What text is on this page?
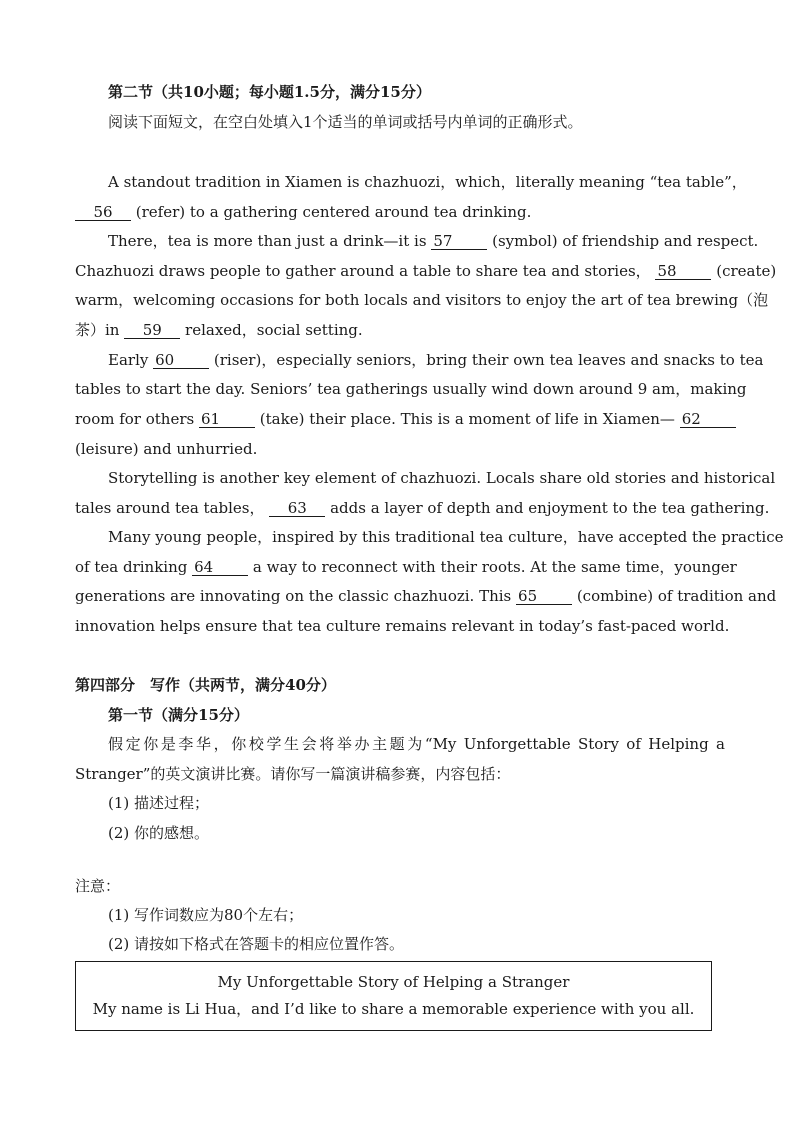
第二节（共10小题；每小题1.5分，满分15分）
阅读下面短文，在空白处填入1个适当的单词或括号内单词的正确形式。
A standout tradition in Xiamen is chazhuozi，which，literally meaning “tea table”，
56 (refer) to a gathering centered around tea drinking.
There，tea is more than just a drink—it is 57	(symbol) of friendship and respect.
Chazhuozi draws people to gather around a table to share tea and stories， 58	(create)
warm，welcoming occasions for both locals and visitors to enjoy the art of tea brewing（泡
茶）in 59 relaxed，social setting.
Early 60	(riser)，especially seniors，bring their own tea leaves and snacks to tea
tables to start the day. Seniors’ tea gatherings usually wind down around 9 am，making
room for others 61	(take) their place. This is a moment of life in Xiamen— 62
(leisure) and unhurried.
Storytelling is another key element of chazhuozi. Locals share old stories and historical
tales around tea tables， 63 adds a layer of depth and enjoyment to the tea gathering.
Many young people，inspired by this traditional tea culture，have accepted the practice
of tea drinking 64	a way to reconnect with their roots. At the same time，younger
generations are innovating on the classic chazhuozi. This 65	(combine) of tradition and
innovation helps ensure that tea culture remains relevant in today’s fast-paced world.
第四部分　写作（共两节，满分40分）
第一节（满分15分）
假定你是李华，你校学生会将举办主题为“My Unforgettable Story of Helping a
Stranger”的英文演讲比赛。请你写一篇演讲稿参赛，内容包括：
(1) 描述过程；
(2) 你的感想。
注意：
(1) 写作词数应为80个左右；
(2) 请按如下格式在答题卡的相应位置作答。
My Unforgettable Story of Helping a Stranger
My name is Li Hua，and I’d like to share a memorable experience with you all.
